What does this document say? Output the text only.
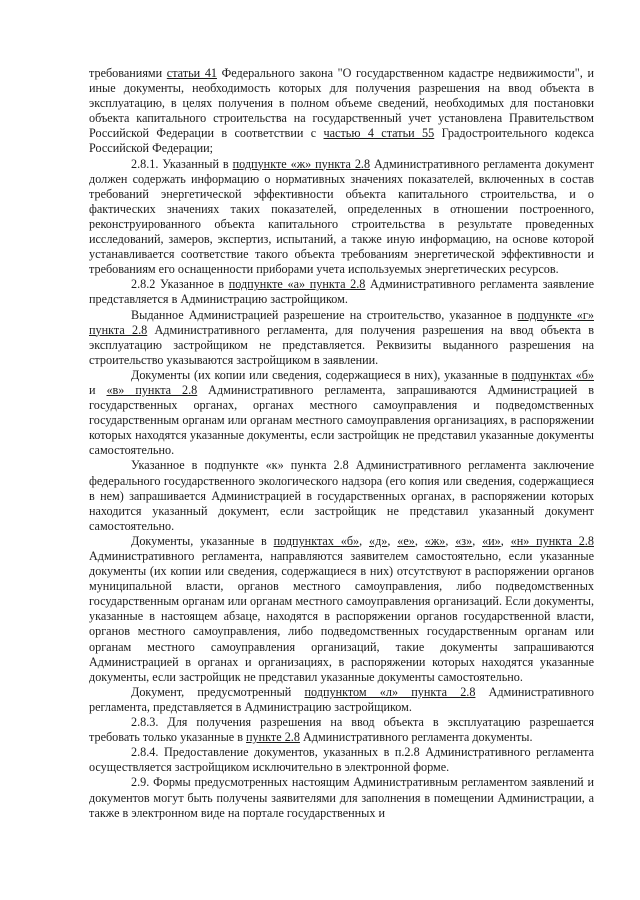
требованиями статьи 41 Федерального закона "О государственном кадастре недвижимости", и иные документы, необходимость которых для получения разрешения на ввод объекта в эксплуатацию, в целях получения в полном объеме сведений, необходимых для постановки объекта капитального строительства на государственный учет установлена Правительством Российской Федерации в соответствии с частью 4 статьи 55 Градостроительного кодекса Российской Федерации;

2.8.1. Указанный в подпункте «ж» пункта 2.8 Административного регламента документ должен содержать информацию о нормативных значениях показателей, включенных в состав требований энергетической эффективности объекта капитального строительства, и о фактических значениях таких показателей, определенных в отношении построенного, реконструированного объекта капитального строительства в результате проведенных исследований, замеров, экспертиз, испытаний, а также иную информацию, на основе которой устанавливается соответствие такого объекта требованиям энергетической эффективности и требованиям его оснащенности приборами учета используемых энергетических ресурсов.

2.8.2 Указанное в подпункте «а» пункта 2.8 Административного регламента заявление представляется в Администрацию застройщиком.

Выданное Администрацией разрешение на строительство, указанное в подпункте «г» пункта 2.8 Административного регламента, для получения разрешения на ввод объекта в эксплуатацию застройщиком не представляется. Реквизиты выданного разрешения на строительство указываются застройщиком в заявлении.

Документы (их копии или сведения, содержащиеся в них), указанные в подпунктах «б» и «в» пункта 2.8 Административного регламента, запрашиваются Администрацией в государственных органах, органах местного самоуправления и подведомственных государственным органам или органам местного самоуправления организациях, в распоряжении которых находятся указанные документы, если застройщик не представил указанные документы самостоятельно.

Указанное в подпункте «к» пункта 2.8 Административного регламента заключение федерального государственного экологического надзора (его копия или сведения, содержащиеся в нем) запрашивается Администрацией в государственных органах, в распоряжении которых находится указанный документ, если застройщик не представил указанный документ самостоятельно.

Документы, указанные в подпунктах «б», «д», «е», «ж», «з», «и», «н» пункта 2.8 Административного регламента, направляются заявителем самостоятельно, если указанные документы (их копии или сведения, содержащиеся в них) отсутствуют в распоряжении органов муниципальной власти, органов местного самоуправления, либо подведомственных государственным органам или органам местного самоуправления организаций. Если документы, указанные в настоящем абзаце, находятся в распоряжении органов государственной власти, органов местного самоуправления, либо подведомственных государственным органам или органам местного самоуправления организаций, такие документы запрашиваются Администрацией в органах и организациях, в распоряжении которых находятся указанные документы, если застройщик не представил указанные документы самостоятельно.

Документ, предусмотренный подпунктом «л» пункта 2.8 Административного регламента, представляется в Администрацию застройщиком.

2.8.3. Для получения разрешения на ввод объекта в эксплуатацию разрешается требовать только указанные в пункте 2.8 Административного регламента документы.

2.8.4. Предоставление документов, указанных в п.2.8 Административного регламента осуществляется застройщиком исключительно в электронной форме.

2.9. Формы предусмотренных настоящим Административным регламентом заявлений и документов могут быть получены заявителями для заполнения в помещении Администрации, а также в электронном виде на портале государственных и
